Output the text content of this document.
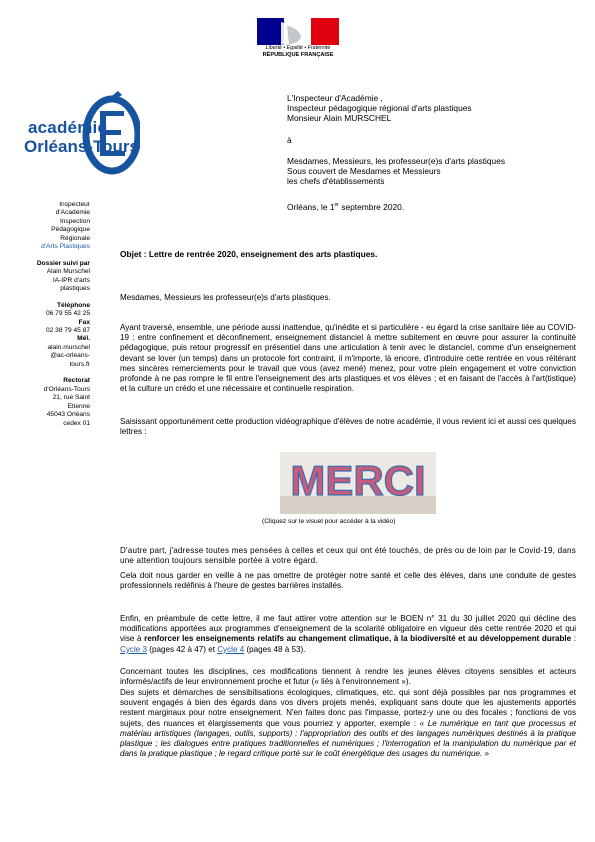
Liberté • Égalité • Fraternité
RÉPUBLIQUE FRANÇAISE
académie
Orléans-Tours
L'Inspecteur d'Académie ,
Inspecteur pédagogique régional d'arts plastiques
Monsieur Alain MURSCHEL
à
Mesdames, Messieurs, les professeur(e)s d'arts plastiques
Sous couvert de Mesdames et Messieurs
les chefs d'établissements
Orléans, le 1er septembre 2020.
Inspecteur
d'Académie
Inspection
Pédagogique
Régionale
d'Arts Plastiques
Dossier suivi par
Alain Murschel
IA-IPR d'arts
plastiques
Téléphone
06 79 55 42 25
Fax
02 38 79 45 87
Mél.
alain.murschel
@ac-orleans-
tours.fr
Rectorat
d'Orléans-Tours
21, rue Saint
Etienne
45043 Orléans
cedex 01
Objet : Lettre de rentrée 2020, enseignement des arts plastiques.
Mesdames, Messieurs les professeur(e)s d'arts plastiques.
Ayant traversé, ensemble, une période aussi inattendue, qu'inédite et si particulière - eu égard la crise sanitaire liée au COVID-19 : entre confinement et déconfinement, enseignement distanciel à mettre subitement en œuvre pour assurer la continuité pédagogique, puis retour progressif en présentiel dans une articulation à tenir avec le distanciel, comme d'un enseignement devant se lover (un temps) dans un protocole fort contraint, il m'importe, là encore, d'introduire cette rentrée en vous réitérant mes sincères remerciements pour le travail que vous (avez mené) menez, pour votre plein engagement et votre conviction profonde à ne pas rompre le fil entre l'enseignement des arts plastiques et vos élèves ; et en faisant de l'accès à l'art(tistique) et la culture un crédo et une nécessaire et continuelle respiration.
Saisissant opportunément cette production vidéographique d'élèves de notre académie, il vous revient ici et aussi ces quelques lettres :
MERCI
(Cliquez sur le visuel pour accéder à la vidéo)
D'autre part, j'adresse toutes mes pensées à celles et ceux qui ont été touchés, de près ou de loin par le Covid-19, dans une attention toujours sensible portée à votre égard.
Cela doit nous garder en veille à ne pas omettre de protéger notre santé et celle des élèves, dans une conduite de gestes professionnels redéfinis à l'heure de gestes barrières installés.
Enfin, en préambule de cette lettre, il me faut attirer votre attention sur le BOEN n° 31 du 30 juillet 2020 qui décline des modifications apportées aux programmes d'enseignement de la scolarité obligatoire en vigueur dès cette rentrée 2020 et qui vise à renforcer les enseignements relatifs au changement climatique, à la biodiversité et au développement durable : Cycle 3 (pages 42 à 47) et Cycle 4 (pages 48 à 53).
Concernant toutes les disciplines, ces modifications tiennent à rendre les jeunes élèves citoyens sensibles et acteurs informés/actifs de leur environnement proche et futur (« liés à l'environnement »).
Des sujets et démarches de sensibilisations écologiques, climatiques, etc. qui sont déjà possibles par nos programmes et souvent engagés à bien des égards dans vos divers projets menés, expliquant sans doute que les ajustements apportés restent marginaux pour notre enseignement. N'en faites donc pas l'impasse, portez-y une ou des focales ; fonctions de vos sujets, des nuances et élargissements que vous pourriez y apporter, exemple : « Le numérique en tant que processus et matériau artistiques (langages, outils, supports) : l'appropriation des outils et des langages numériques destinés à la pratique plastique ; les dialogues entre pratiques traditionnelles et numériques ; l'interrogation et la manipulation du numérique par et dans la pratique plastique ; le regard critique porté sur le coût énergétique des usages du numérique. »
